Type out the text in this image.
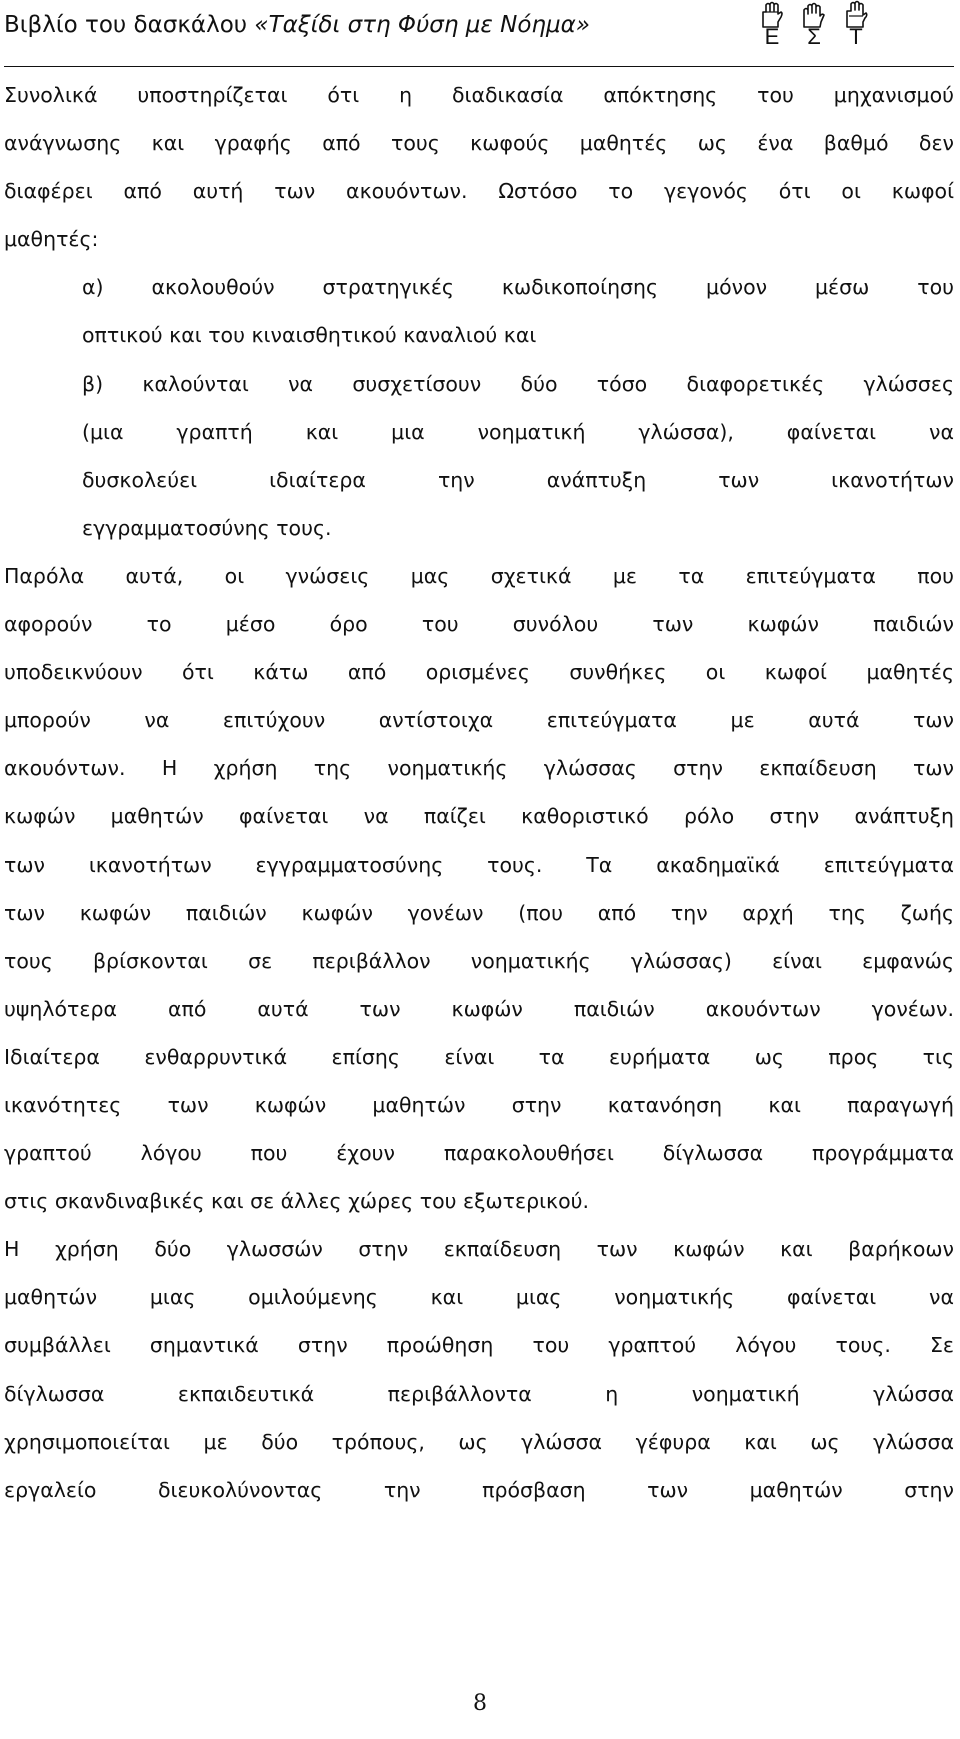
Βιβλίο του δασκάλου «Ταξίδι στη Φύση με Νόημα»	Ε	Σ	Τ
Συνολικά υποστηρίζεται ότι η διαδικασία απόκτησης του μηχανισμού
ανάγνωσης και γραφής από τους κωφούς μαθητές ως ένα βαθμό δεν
διαφέρει από αυτή των ακουόντων. Ωστόσο το γεγονός ότι οι κωφοί
μαθητές:
α) ακολουθούν στρατηγικές κωδικοποίησης μόνον μέσω του
οπτικού και του κιναισθητικού καναλιού και
β) καλούνται να συσχετίσουν δύο τόσο διαφορετικές γλώσσες
(μια γραπτή και μια νοηματική γλώσσα), φαίνεται να
δυσκολεύει ιδιαίτερα την ανάπτυξη των ικανοτήτων
εγγραμματοσύνης τους.
Παρόλα αυτά, οι γνώσεις μας σχετικά με τα επιτεύγματα που
αφορούν το μέσο όρο του συνόλου των κωφών παιδιών
υποδεικνύουν ότι κάτω από ορισμένες συνθήκες οι κωφοί μαθητές
μπορούν να επιτύχουν αντίστοιχα επιτεύγματα με αυτά των
ακουόντων. Η χρήση της νοηματικής γλώσσας στην εκπαίδευση των
κωφών μαθητών φαίνεται να παίζει καθοριστικό ρόλο στην ανάπτυξη
των ικανοτήτων εγγραμματοσύνης τους. Τα ακαδημαϊκά επιτεύγματα
των κωφών παιδιών κωφών γονέων (που από την αρχή της ζωής
τους βρίσκονται σε περιβάλλον νοηματικής γλώσσας) είναι εμφανώς
υψηλότερα από αυτά των κωφών παιδιών ακουόντων γονέων.
Ιδιαίτερα ενθαρρυντικά επίσης είναι τα ευρήματα ως προς τις
ικανότητες των κωφών μαθητών στην κατανόηση και παραγωγή
γραπτού λόγου που έχουν παρακολουθήσει δίγλωσσα προγράμματα
στις σκανδιναβικές και σε άλλες χώρες του εξωτερικού.
Η χρήση δύο γλωσσών στην εκπαίδευση των κωφών και βαρήκοων
μαθητών μιας ομιλούμενης και μιας νοηματικής φαίνεται να
συμβάλλει σημαντικά στην προώθηση του γραπτού λόγου τους. Σε
δίγλωσσα εκπαιδευτικά περιβάλλοντα η νοηματική γλώσσα
χρησιμοποιείται με δύο τρόπους, ως γλώσσα γέφυρα και ως γλώσσα
εργαλείο διευκολύνοντας την πρόσβαση των μαθητών στην
8
